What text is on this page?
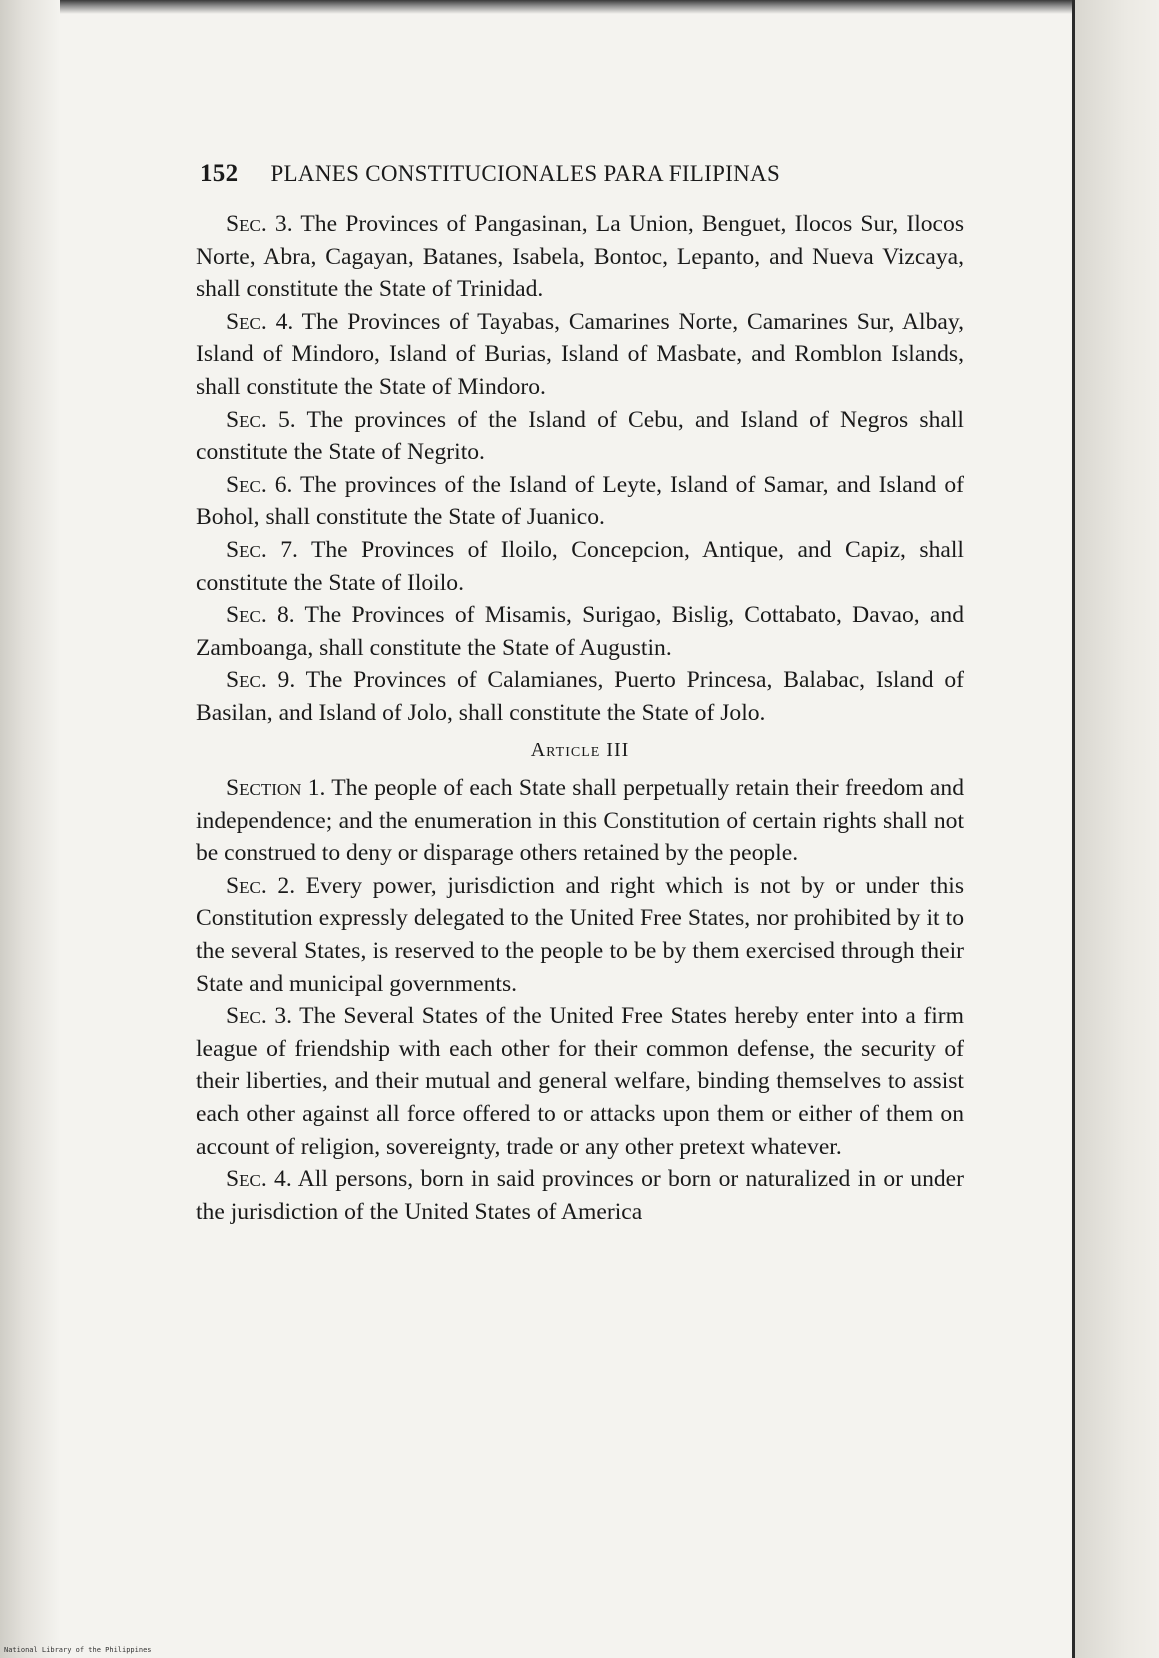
152 PLANES CONSTITUCIONALES PARA FILIPINAS

Sec. 3. The Provinces of Pangasinan, La Union, Benguet, Ilocos Sur, Ilocos Norte, Abra, Cagayan, Batanes, Isabela, Bontoc, Lepanto, and Nueva Vizcaya, shall constitute the State of Trinidad.

Sec. 4. The Provinces of Tayabas, Camarines Norte, Camarines Sur, Albay, Island of Mindoro, Island of Burias, Island of Masbate, and Romblon Islands, shall constitute the State of Mindoro.

Sec. 5. The provinces of the Island of Cebu, and Island of Negros shall constitute the State of Negrito.

Sec. 6. The provinces of the Island of Leyte, Island of Samar, and Island of Bohol, shall constitute the State of Juanico.

Sec. 7. The Provinces of Iloilo, Concepcion, Antique, and Capiz, shall constitute the State of Iloilo.

Sec. 8. The Provinces of Misamis, Surigao, Bislig, Cottabato, Davao, and Zamboanga, shall constitute the State of Augustin.

Sec. 9. The Provinces of Calamianes, Puerto Princesa, Balabac, Island of Basilan, and Island of Jolo, shall constitute the State of Jolo.

Article III

Section 1. The people of each State shall perpetually retain their freedom and independence; and the enumeration in this Constitution of certain rights shall not be construed to deny or disparage others retained by the people.

Sec. 2. Every power, jurisdiction and right which is not by or under this Constitution expressly delegated to the United Free States, nor prohibited by it to the several States, is reserved to the people to be by them exercised through their State and municipal governments.

Sec. 3. The Several States of the United Free States hereby enter into a firm league of friendship with each other for their common defense, the security of their liberties, and their mutual and general welfare, binding themselves to assist each other against all force offered to or attacks upon them or either of them on account of religion, sovereignty, trade or any other pretext whatever.

Sec. 4. All persons, born in said provinces or born or naturalized in or under the jurisdiction of the United States of America

National Library of the Philippines
